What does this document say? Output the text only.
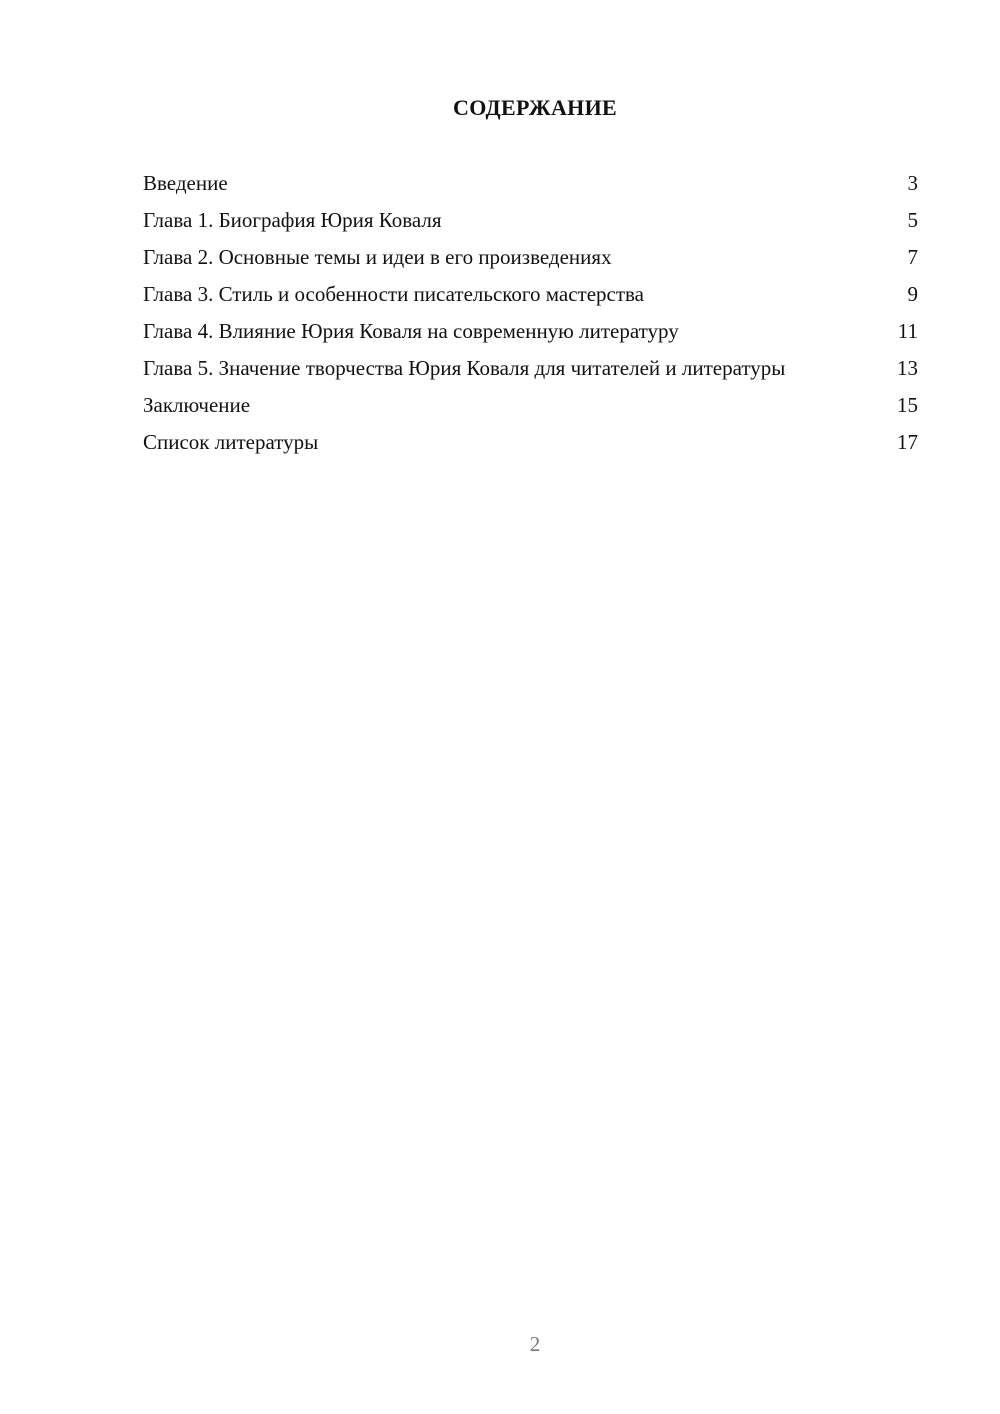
СОДЕРЖАНИЕ
Введение	3
Глава 1. Биография Юрия Коваля	5
Глава 2. Основные темы и идеи в его произведениях	7
Глава 3. Стиль и особенности писательского мастерства	9
Глава 4. Влияние Юрия Коваля на современную литературу	11
Глава 5. Значение творчества Юрия Коваля для читателей и литературы	13
Заключение	15
Список литературы	17
2
